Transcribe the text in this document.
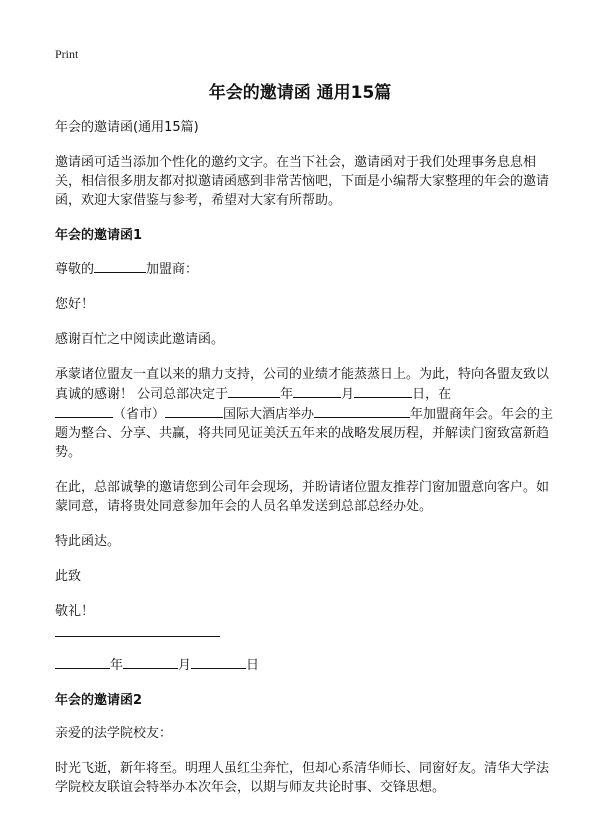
Print
年会的邀请函 通用15篇

年会的邀请函(通用15篇)

邀请函可适当添加个性化的邀约文字。在当下社会，邀请函对于我们处理事务息息相关，相信很多朋友都对拟邀请函感到非常苦恼吧，下面是小编帮大家整理的年会的邀请函，欢迎大家借鉴与参考，希望对大家有所帮助。

年会的邀请函1

尊敬的	加盟商：

您好！

感谢百忙之中阅读此邀请函。

承蒙诸位盟友一直以来的鼎力支持，公司的业绩才能蒸蒸日上。为此，特向各盟友致以真诚的感谢！ 公司总部决定于	年	月	日，在
（省市）	国际大酒店举办	年加盟商年会。年会的主题为整合、分享、共赢，将共同见证美沃五年来的战略发展历程，并解读门窗致富新趋势。

在此，总部诚挚的邀请您到公司年会现场，并盼请诸位盟友推荐门窗加盟意向客户。如蒙同意，请将贵处同意参加年会的人员名单发送到总部总经办处。

特此函达。

此致

敬礼！

年	月	日

年会的邀请函2

亲爱的法学院校友：

时光飞逝，新年将至。明理人虽红尘奔忙，但却心系清华师长、同窗好友。清华大学法学院校友联谊会特举办本次年会，以期与师友共论时事、交锋思想。
